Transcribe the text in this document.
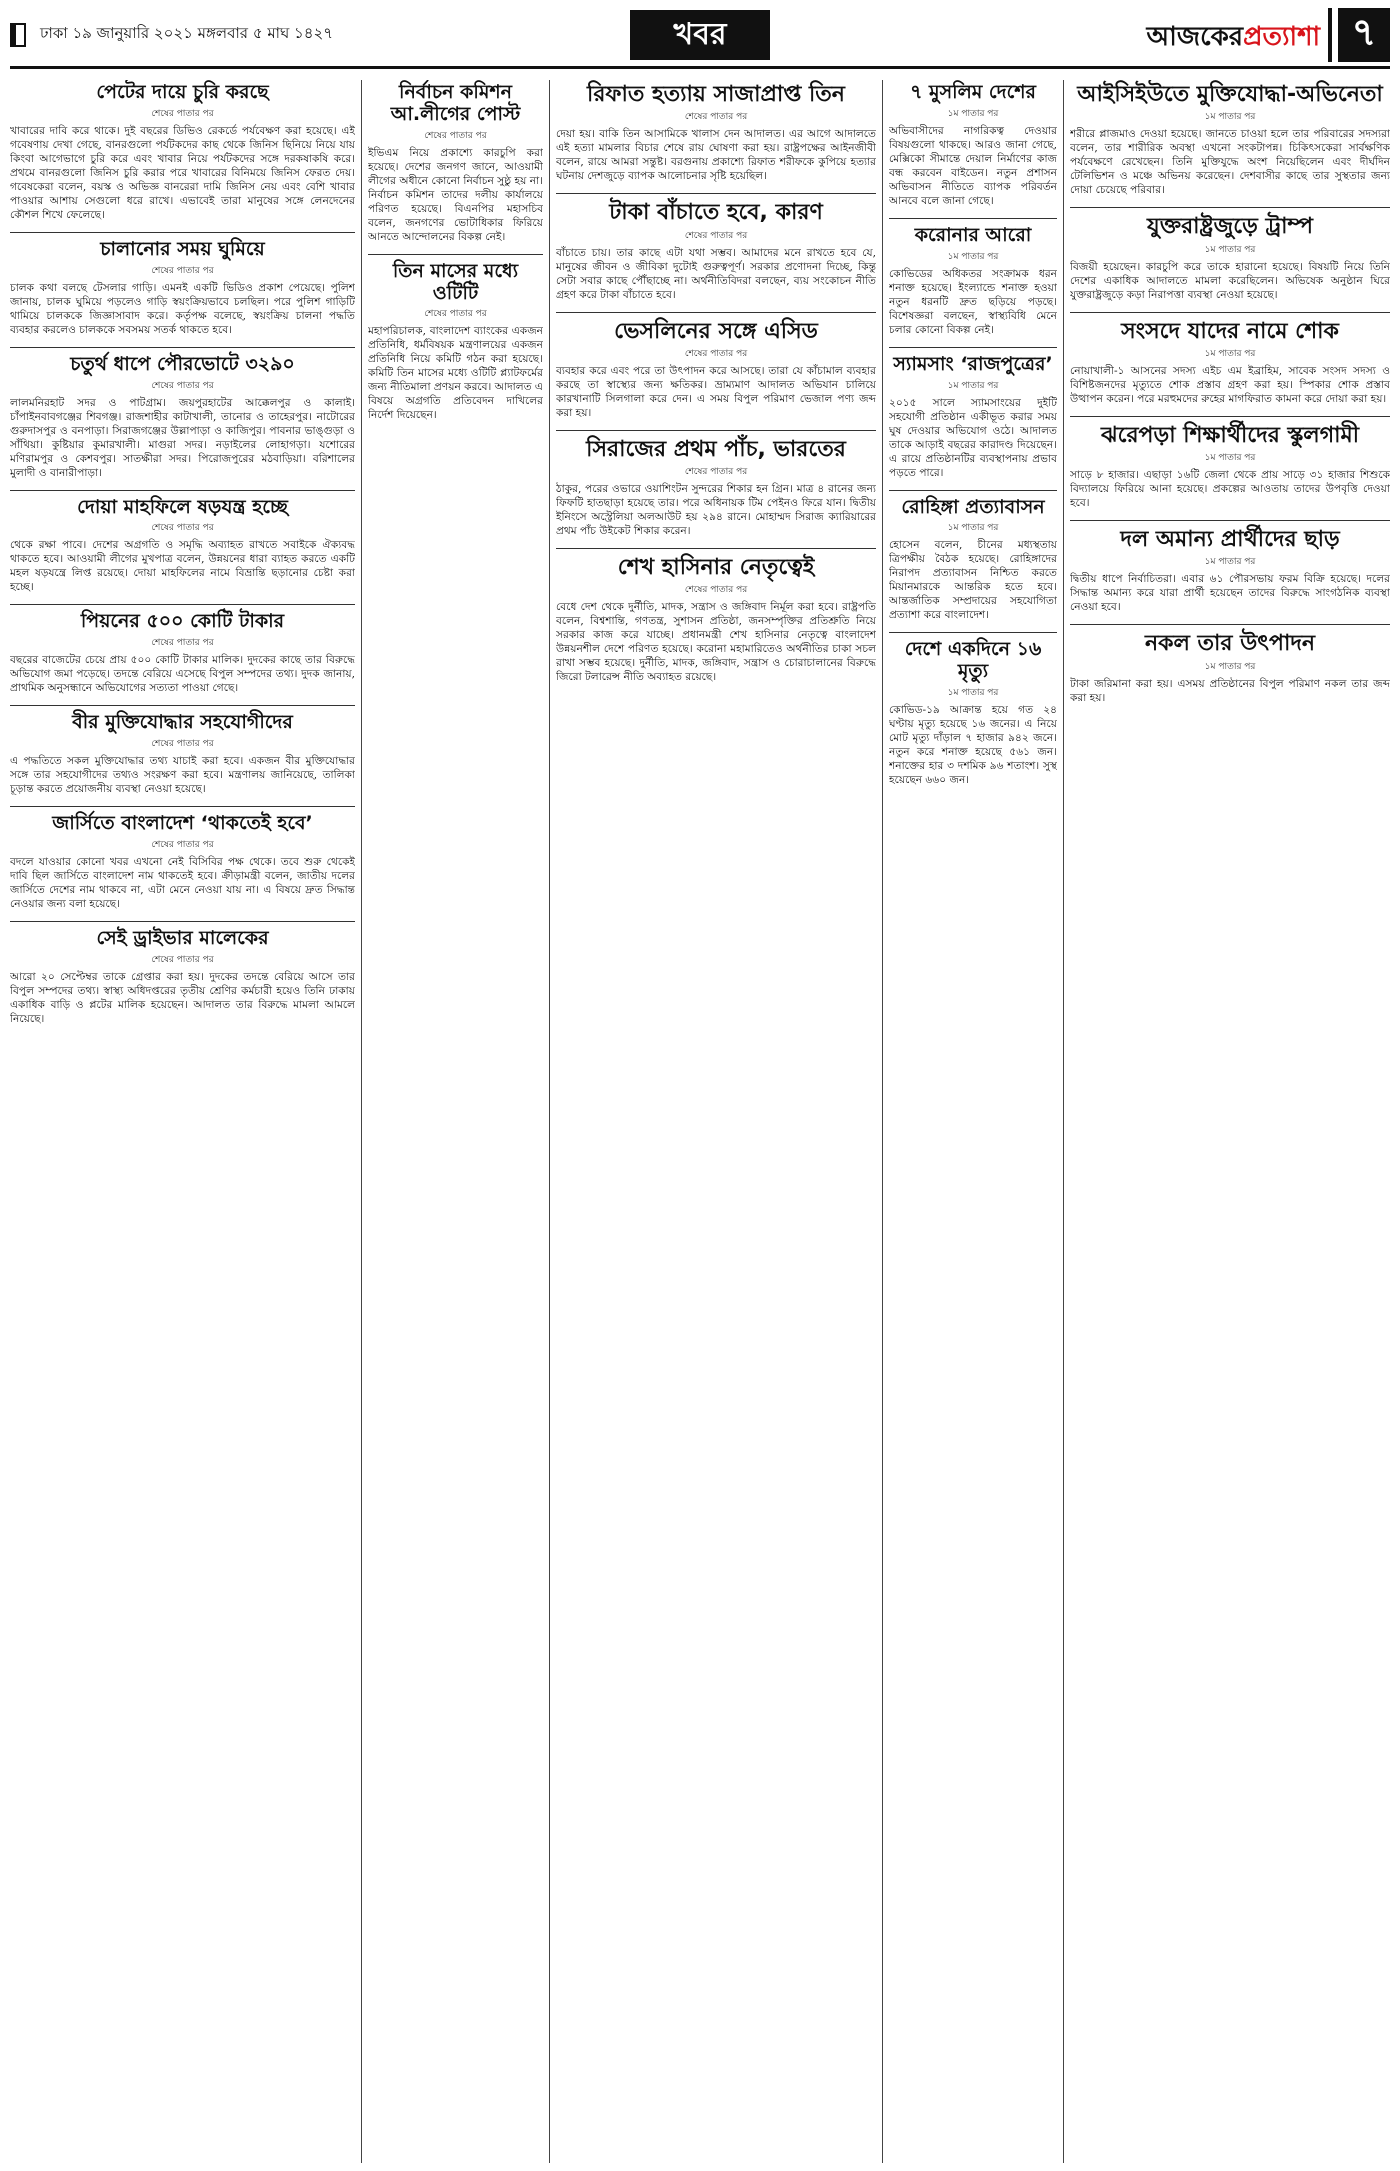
ঢাকা ১৯ জানুয়ারি ২০২১ মঙ্গলবার ৫ মাঘ ১৪২৭	খবর	আজকেরপ্রত্যাশা ৭
পেটের দায়ে চুরি করছে
শেষের পাতার পর
খাবারের দাবি করে থাকে। দুই বছরের ডিভিও রেকর্ডে পর্যবেক্ষণ করা হয়েছে। এই গবেষণায় দেখা গেছে, বানরগুলো পর্যটকদের কাছ থেকে জিনিস ছিনিয়ে নিয়ে যায় কিংবা আগেভাগে চুরি করে এবং খাবার নিয়ে পর্যটকদের সঙ্গে দরকষাকষি করে। প্রথমে বানরগুলো জিনিস চুরি করার পরে খাবারের বিনিময়ে জিনিস ফেরত দেয়। গবেষকেরা বলেন, বয়স্ক ও অভিজ্ঞ বানরেরা দামি জিনিস নেয় এবং বেশি খাবার পাওয়ার আশায় সেগুলো ধরে রাখে। এভাবেই তারা মানুষের সঙ্গে লেনদেনের কৌশল শিখে ফেলেছে।
চালানোর সময় ঘুমিয়ে
শেষের পাতার পর
চালক কথা বলছে টেসলার গাড়ি। এমনই একটি ভিডিও প্রকাশ পেয়েছে। পুলিশ জানায়, চালক ঘুমিয়ে পড়লেও গাড়ি স্বয়ংক্রিয়ভাবে চলছিল। পরে পুলিশ গাড়িটি থামিয়ে চালককে জিজ্ঞাসাবাদ করে। কর্তৃপক্ষ বলেছে, স্বয়ংক্রিয় চালনা পদ্ধতি ব্যবহার করলেও চালককে সবসময় সতর্ক থাকতে হবে।
চতুর্থ ধাপে পৌরভোটে ৩২৯০
শেষের পাতার পর
লালমনিরহাট সদর ও পাটগ্রাম। জয়পুরহাটের আক্কেলপুর ও কালাই। চাঁপাইনবাবগঞ্জের শিবগঞ্জ। রাজশাহীর কাটাখালী, তানোর ও তাহেরপুর। নাটোরের গুরুদাসপুর ও বনপাড়া। সিরাজগঞ্জের উল্লাপাড়া ও কাজিপুর। পাবনার ভাঙ্গুড়া ও সাঁথিয়া। কুষ্টিয়ার কুমারখালী। মাগুরা সদর। নড়াইলের লোহাগড়া। যশোরের মণিরামপুর ও কেশবপুর। সাতক্ষীরা সদর। পিরোজপুরের মঠবাড়িয়া। বরিশালের মুলাদী ও বানারীপাড়া।
দোয়া মাহফিলে ষড়যন্ত্র হচ্ছে
শেষের পাতার পর
থেকে রক্ষা পাবে। দেশের অগ্রগতি ও সমৃদ্ধি অব্যাহত রাখতে সবাইকে ঐক্যবদ্ধ থাকতে হবে। আওয়ামী লীগের মুখপাত্র বলেন, উন্নয়নের ধারা ব্যাহত করতে একটি মহল ষড়যন্ত্রে লিপ্ত রয়েছে। দোয়া মাহফিলের নামে বিভ্রান্তি ছড়ানোর চেষ্টা করা হচ্ছে।
পিয়নের ৫০০ কোটি টাকার
শেষের পাতার পর
বছরের বাজেটের চেয়ে প্রায় ৫০০ কোটি টাকার মালিক। দুদকের কাছে তার বিরুদ্ধে অভিযোগ জমা পড়েছে। তদন্তে বেরিয়ে এসেছে বিপুল সম্পদের তথ্য। দুদক জানায়, প্রাথমিক অনুসন্ধানে অভিযোগের সত্যতা পাওয়া গেছে।
বীর মুক্তিযোদ্ধার সহযোগীদের
শেষের পাতার পর
এ পদ্ধতিতে সকল মুক্তিযোদ্ধার তথ্য যাচাই করা হবে। একজন বীর মুক্তিযোদ্ধার সঙ্গে তার সহযোগীদের তথ্যও সংরক্ষণ করা হবে। মন্ত্রণালয় জানিয়েছে, তালিকা চূড়ান্ত করতে প্রয়োজনীয় ব্যবস্থা নেওয়া হয়েছে।
জার্সিতে বাংলাদেশ ‘থাকতেই হবে’
শেষের পাতার পর
বদলে যাওয়ার কোনো খবর এখনো নেই বিসিবির পক্ষ থেকে। তবে শুরু থেকেই দাবি ছিল জার্সিতে বাংলাদেশ নাম থাকতেই হবে। ক্রীড়ামন্ত্রী বলেন, জাতীয় দলের জার্সিতে দেশের নাম থাকবে না, এটা মেনে নেওয়া যায় না। এ বিষয়ে দ্রুত সিদ্ধান্ত নেওয়ার জন্য বলা হয়েছে।
সেই ড্রাইভার মালেকের
শেষের পাতার পর
আরো ২০ সেপ্টেম্বর তাকে গ্রেপ্তার করা হয়। দুদকের তদন্তে বেরিয়ে আসে তার বিপুল সম্পদের তথ্য। স্বাস্থ্য অধিদপ্তরের তৃতীয় শ্রেণির কর্মচারী হয়েও তিনি ঢাকায় একাধিক বাড়ি ও প্লটের মালিক হয়েছেন। আদালত তার বিরুদ্ধে মামলা আমলে নিয়েছে।
নির্বাচন কমিশন আ.লীগের পোস্ট
শেষের পাতার পর
ইভিএম নিয়ে প্রকাশ্যে কারচুপি করা হয়েছে। দেশের জনগণ জানে, আওয়ামী লীগের অধীনে কোনো নির্বাচন সুষ্ঠু হয় না। নির্বাচন কমিশন তাদের দলীয় কার্যালয়ে পরিণত হয়েছে। বিএনপির মহাসচিব বলেন, জনগণের ভোটাধিকার ফিরিয়ে আনতে আন্দোলনের বিকল্প নেই।
তিন মাসের মধ্যে ওটিটি
শেষের পাতার পর
মহাপরিচালক, বাংলাদেশ ব্যাংকের একজন প্রতিনিধি, ধর্মবিষয়ক মন্ত্রণালয়ের একজন প্রতিনিধি নিয়ে কমিটি গঠন করা হয়েছে। কমিটি তিন মাসের মধ্যে ওটিটি প্ল্যাটফর্মের জন্য নীতিমালা প্রণয়ন করবে। আদালত এ বিষয়ে অগ্রগতি প্রতিবেদন দাখিলের নির্দেশ দিয়েছেন।
রিফাত হত্যায় সাজাপ্রাপ্ত তিন
শেষের পাতার পর
দেয়া হয়। বাকি তিন আসামিকে খালাস দেন আদালত। এর আগে আদালতে এই হত্যা মামলার বিচার শেষে রায় ঘোষণা করা হয়। রাষ্ট্রপক্ষের আইনজীবী বলেন, রায়ে আমরা সন্তুষ্ট। বরগুনায় প্রকাশ্যে রিফাত শরীফকে কুপিয়ে হত্যার ঘটনায় দেশজুড়ে ব্যাপক আলোচনার সৃষ্টি হয়েছিল।
টাকা বাঁচাতে হবে, কারণ
শেষের পাতার পর
বাঁচাতে চায়। তার কাছে এটা যথা সম্ভব। আমাদের মনে রাখতে হবে যে, মানুষের জীবন ও জীবিকা দুটোই গুরুত্বপূর্ণ। সরকার প্রণোদনা দিচ্ছে, কিন্তু সেটা সবার কাছে পৌঁছাচ্ছে না। অর্থনীতিবিদরা বলছেন, ব্যয় সংকোচন নীতি গ্রহণ করে টাকা বাঁচাতে হবে।
ভেসলিনের সঙ্গে এসিড
শেষের পাতার পর
ব্যবহার করে এবং পরে তা উৎপাদন করে আসছে। তারা যে কাঁচামাল ব্যবহার করছে তা স্বাস্থ্যের জন্য ক্ষতিকর। ভ্রাম্যমাণ আদালত অভিযান চালিয়ে কারখানাটি সিলগালা করে দেন। এ সময় বিপুল পরিমাণ ভেজাল পণ্য জব্দ করা হয়।
সিরাজের প্রথম পাঁচ, ভারতের
শেষের পাতার পর
ঠাকুর, পরের ওভারে ওয়াশিংটন সুন্দরের শিকার হন গ্রিন। মাত্র ৪ রানের জন্য ফিফটি হাতছাড়া হয়েছে তার। পরে অধিনায়ক টিম পেইনও ফিরে যান। দ্বিতীয় ইনিংসে অস্ট্রেলিয়া অলআউট হয় ২৯৪ রানে। মোহাম্মদ সিরাজ ক্যারিয়ারের প্রথম পাঁচ উইকেট শিকার করেন।
শেখ হাসিনার নেতৃত্বেই
শেষের পাতার পর
বেধে দেশ থেকে দুর্নীতি, মাদক, সন্ত্রাস ও জঙ্গিবাদ নির্মূল করা হবে। রাষ্ট্রপতি বলেন, বিশ্বশান্তি, গণতন্ত্র, সুশাসন প্রতিষ্ঠা, জনসম্পৃক্তির প্রতিশ্রুতি নিয়ে সরকার কাজ করে যাচ্ছে। প্রধানমন্ত্রী শেখ হাসিনার নেতৃত্বে বাংলাদেশ উন্নয়নশীল দেশে পরিণত হয়েছে। করোনা মহামারিতেও অর্থনীতির চাকা সচল রাখা সম্ভব হয়েছে। দুর্নীতি, মাদক, জঙ্গিবাদ, সন্ত্রাস ও চোরাচালানের বিরুদ্ধে জিরো টলারেন্স নীতি অব্যাহত রয়েছে।
৭ মুসলিম দেশের
১ম পাতার পর
অভিবাসীদের নাগরিকত্ব দেওয়ার বিষয়গুলো থাকছে। আরও জানা গেছে, মেক্সিকো সীমান্তে দেয়াল নির্মাণের কাজ বন্ধ করবেন বাইডেন। নতুন প্রশাসন অভিবাসন নীতিতে ব্যাপক পরিবর্তন আনবে বলে জানা গেছে।
করোনার আরো
১ম পাতার পর
কোভিডের অধিকতর সংক্রামক ধরন শনাক্ত হয়েছে। ইংল্যান্ডে শনাক্ত হওয়া নতুন ধরনটি দ্রুত ছড়িয়ে পড়ছে। বিশেষজ্ঞরা বলছেন, স্বাস্থ্যবিধি মেনে চলার কোনো বিকল্প নেই।
স্যামসাং ‘রাজপুত্রের’
১ম পাতার পর
২০১৫ সালে স্যামসাংয়ের দুইটি সহযোগী প্রতিষ্ঠান একীভূত করার সময় ঘুষ দেওয়ার অভিযোগ ওঠে। আদালত তাকে আড়াই বছরের কারাদণ্ড দিয়েছেন। এ রায়ে প্রতিষ্ঠানটির ব্যবস্থাপনায় প্রভাব পড়তে পারে।
রোহিঙ্গা প্রত্যাবাসন
১ম পাতার পর
হোসেন বলেন, চীনের মধ্যস্থতায় ত্রিপক্ষীয় বৈঠক হয়েছে। রোহিঙ্গাদের নিরাপদ প্রত্যাবাসন নিশ্চিত করতে মিয়ানমারকে আন্তরিক হতে হবে। আন্তর্জাতিক সম্প্রদায়ের সহযোগিতা প্রত্যাশা করে বাংলাদেশ।
দেশে একদিনে ১৬ মৃত্যু
১ম পাতার পর
কোভিড-১৯ আক্রান্ত হয়ে গত ২৪ ঘণ্টায় মৃত্যু হয়েছে ১৬ জনের। এ নিয়ে মোট মৃত্যু দাঁড়াল ৭ হাজার ৯৪২ জনে। নতুন করে শনাক্ত হয়েছে ৫৬১ জন। শনাক্তের হার ৩ দশমিক ৯৬ শতাংশ। সুস্থ হয়েছেন ৬৬০ জন।
আইসিইউতে মুক্তিযোদ্ধা-অভিনেতা
১ম পাতার পর
শরীরে প্লাজমাও দেওয়া হয়েছে। জানতে চাওয়া হলে তার পরিবারের সদস্যরা বলেন, তার শারীরিক অবস্থা এখনো সংকটাপন্ন। চিকিৎসকেরা সার্বক্ষণিক পর্যবেক্ষণে রেখেছেন। তিনি মুক্তিযুদ্ধে অংশ নিয়েছিলেন এবং দীর্ঘদিন টেলিভিশন ও মঞ্চে অভিনয় করেছেন। দেশবাসীর কাছে তার সুস্থতার জন্য দোয়া চেয়েছে পরিবার।
যুক্তরাষ্ট্রজুড়ে ট্রাম্প
১ম পাতার পর
বিজয়ী হয়েছেন। কারচুপি করে তাকে হারানো হয়েছে। বিষয়টি নিয়ে তিনি দেশের একাধিক আদালতে মামলা করেছিলেন। অভিষেক অনুষ্ঠান ঘিরে যুক্তরাষ্ট্রজুড়ে কড়া নিরাপত্তা ব্যবস্থা নেওয়া হয়েছে।
সংসদে যাদের নামে শোক
১ম পাতার পর
নোয়াখালী-১ আসনের সদস্য এইচ এম ইব্রাহিম, সাবেক সংসদ সদস্য ও বিশিষ্টজনদের মৃত্যুতে শোক প্রস্তাব গ্রহণ করা হয়। স্পিকার শোক প্রস্তাব উত্থাপন করেন। পরে মরহুমদের রুহের মাগফিরাত কামনা করে দোয়া করা হয়।
ঝরেপড়া শিক্ষার্থীদের স্কুলগামী
১ম পাতার পর
সাড়ে ৮ হাজার। এছাড়া ১৬টি জেলা থেকে প্রায় সাড়ে ৩১ হাজার শিশুকে বিদ্যালয়ে ফিরিয়ে আনা হয়েছে। প্রকল্পের আওতায় তাদের উপবৃত্তি দেওয়া হবে।
দল অমান্য প্রার্থীদের ছাড়
১ম পাতার পর
দ্বিতীয় ধাপে নির্বাচিতরা। এবার ৬১ পৌরসভায় ফরম বিক্রি হয়েছে। দলের সিদ্ধান্ত অমান্য করে যারা প্রার্থী হয়েছেন তাদের বিরুদ্ধে সাংগঠনিক ব্যবস্থা নেওয়া হবে।
নকল তার উৎপাদন
১ম পাতার পর
টাকা জরিমানা করা হয়। এসময় প্রতিষ্ঠানের বিপুল পরিমাণ নকল তার জব্দ করা হয়।
